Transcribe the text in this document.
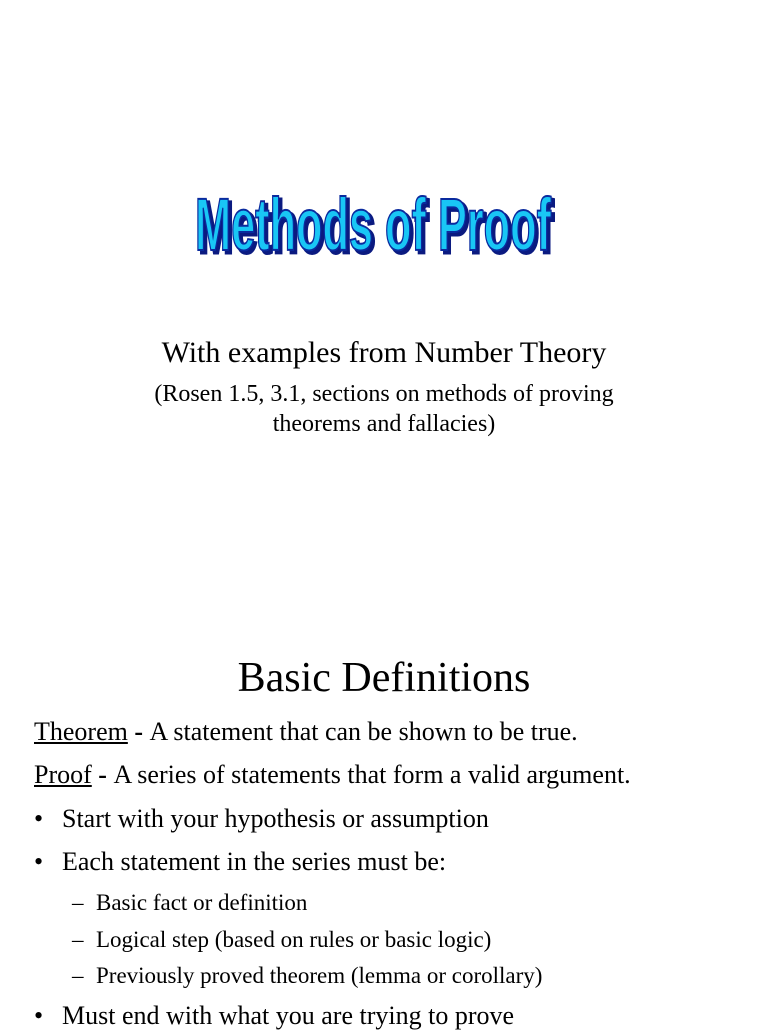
Methods of Proof
Methods of Proof
With examples from Number Theory
(Rosen 1.5, 3.1, sections on methods of proving
theorems and fallacies)
Basic Definitions
Theorem - A statement that can be shown to be true.
Proof - A series of statements that form a valid argument.
• Start with your hypothesis or assumption
• Each statement in the series must be:
– Basic fact or definition
– Logical step (based on rules or basic logic)
– Previously proved theorem (lemma or corollary)
• Must end with what you are trying to prove
